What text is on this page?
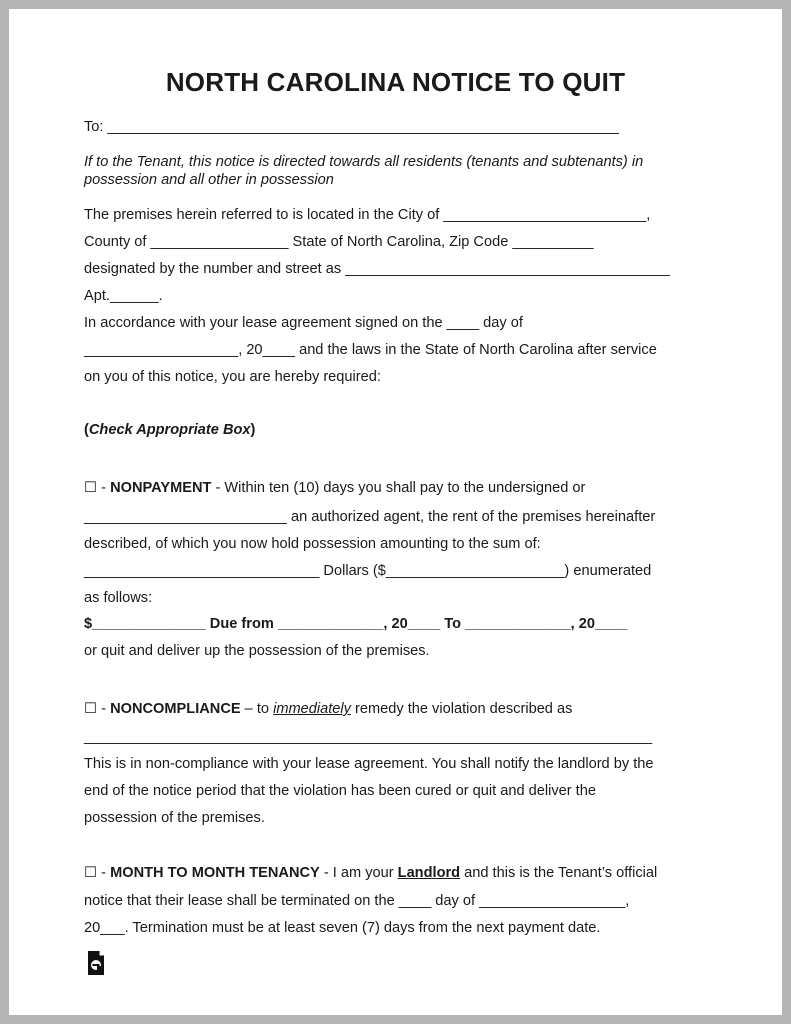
NORTH CAROLINA NOTICE TO QUIT
To: _______________________________________________________________
If to the Tenant, this notice is directed towards all residents (tenants and subtenants) in
possession and all other in possession
The premises herein referred to is located in the City of _________________________,
County of _________________ State of North Carolina, Zip Code __________
designated by the number and street as ________________________________________
Apt.______.
In accordance with your lease agreement signed on the ____ day of
___________________, 20____ and the laws in the State of North Carolina after service
on you of this notice, you are hereby required:
(Check Appropriate Box)
☐ - NONPAYMENT - Within ten (10) days you shall pay to the undersigned or
_________________________ an authorized agent, the rent of the premises hereinafter
described, of which you now hold possession amounting to the sum of:
_____________________________ Dollars ($______________________) enumerated
as follows:
$______________ Due from _____________, 20____ To _____________, 20____
or quit and deliver up the possession of the premises.
☐ - NONCOMPLIANCE – to immediately remedy the violation described as
______________________________________________________________________
This is in non-compliance with your lease agreement. You shall notify the landlord by the
end of the notice period that the violation has been cured or quit and deliver the
possession of the premises.
☐ - MONTH TO MONTH TENANCY - I am your Landlord and this is the Tenant’s official
notice that their lease shall be terminated on the ____ day of __________________,
20___. Termination must be at least seven (7) days from the next payment date.
